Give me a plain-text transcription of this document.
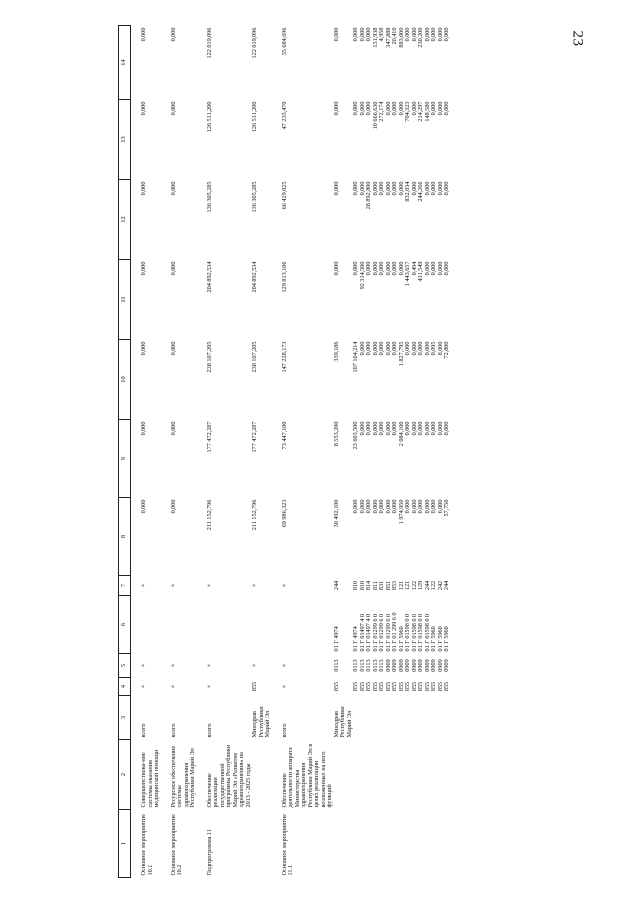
23
1	2	3	4	5	6	7	8	9	10	11	12	13	14
Основное мероприятие 10.1	Совершенствова-ние системы оказания медицинской помощи	всего	×	×		×	0,000	0,000	0,000	0,000	0,000	0,000	0,000
Основное мероприятие 10.2	Ресурсное обеспечение системы здравоохранения Республики Марий Эл	всего	×	×		×	0,000	0,000	0,000	0,000	0,000	0,000	0,000
Подпрограмма 11	Обеспечение реализации государственной программы Республики Марий Эл «Развитие здравоохранения» на 2013 - 2025 годы	всего	×	×		×	211 152,796	177 472,287	238 107,205	204 892,534	136 305,285	126 511,200	122 019,096
		Минздрав Республики Марий Эл	855	×		×	211 152,796	177 472,287	238 107,205	204 892,534	136 305,285	126 511,200	122 019,096
Основное мероприятие 11.1	Обеспечение деятельности аппарата Министерства здравоохранения Республики Марий Эл в целях реализации возложенных на него функций	всего	×	×		×	69 986,323	73 447,100	147 228,173	129 813,106	66 429,025	47 235,470	35 684,696
		Минздрав Республики Марий Эл	855	0113	01 Г 4974	244	30 492,100	8 553,200	339,186	0,000	0,000	0,000	0,000
			855	0113	01 Г 4974	810	0,000	23 603,500	107 104,214	0,000	0,000	0,000	0,000
			855	0113	01 Г 01497 4 0	810	0,000	0,000	0,000	92 314,500	0,000	0,000	0,000
			855	0113	01 Г 01497 4 0	814	0,000	0,000	0,000	0,000	28 892,800	0,000	0,000
			855	0113	01 Г 01299 6 0	811	0,000	0,000	0,000	0,000	0,000	10 666,630	131,938
			855	0113	01 Г 01299 6 0	831	0,000	0,000	0,000	0,000	0,000	272,174	4,958
			855	0909	01 Г 01299 6 0	851	0,000	0,000	0,000	0,000	0,000	0,000	347,888
			855	0909	01 Г 01 299 6 0	853	0,000	0,000	0,000	0,000	0,000	0,000	20,410
			855	0909	01 Г 5960	121	1 974,950	2 084,100	1 827,795	0,000	0,000	0,000	883,000
			855	0909	01 Г 01598 0 0	121	0,000	0,000	0,000	1 443,657	832,034	704,323	0,000
			855	0909	01 Г 01598 0 0	122	0,000	0,000	0,000	0,494	0,000	0,000	0,000
			855	0909	01 Г 01598 0 0	129	0,000	0,000	0,000	431,549	244,266	214,297	230,200
			855	0909	01 Г 01598 0 0	244	0,000	0,000	0,000	0,000	0,000	148,580	0,000
			855	0909	01 Г 5960	122	0,000	0,000	0,095	0,000	0,000	0,000	0,000
			855	0909	01 Г 5960	242	6,000	0,000	8,000	0,000	0,000	0,000	0,000
			855	0909	01 Г 5960	244	57,750	0,000	72,800	0,000	0,000	0,000	0,000
